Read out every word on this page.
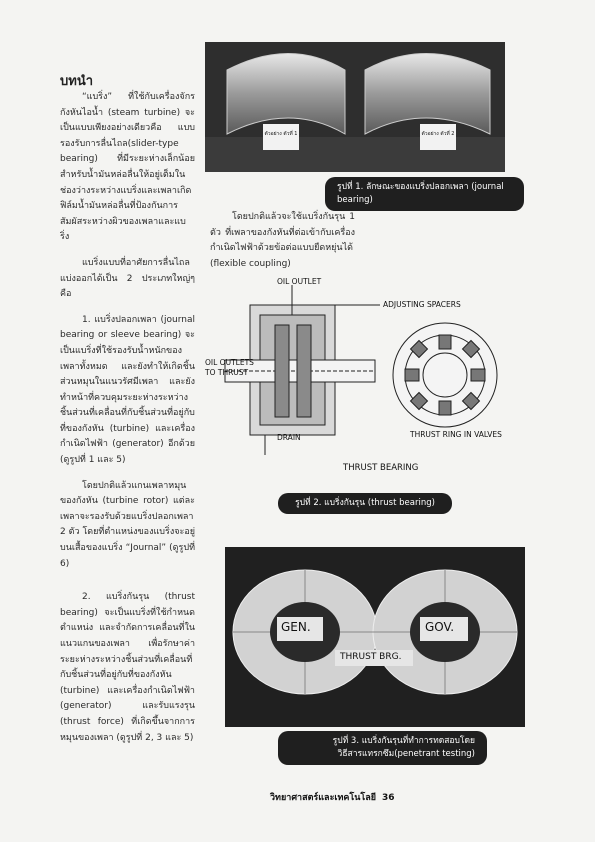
บทนำ

“แบริ่ง” ที่ใช้กับเครื่องจักรกังหันไอน้ำ (steam turbine) จะเป็นแบบเพียงอย่างเดียวคือ แบบรองรับการลื่นไถล(slider-type bearing) ที่มีระยะห่างเล็กน้อยสำหรับน้ำมันหล่อลื่นให้อยู่เต็มในช่องว่างระหว่างแบริ่งและเพลาเกิดฟิล์มน้ำมันหล่อลื่นที่ป้องกันการสัมผัสระหว่างผิวของเพลาและแบริ่ง

แบริ่งแบบที่อาศัยการลื่นไถลแบ่งออกได้เป็น 2 ประเภทใหญ่ๆ คือ

1. แบริ่งปลอกเพลา (journal bearing or sleeve bearing) จะเป็นแบริ่งที่ใช้รองรับน้ำหนักของเพลาทั้งหมด และยังทำให้เกิดชิ้นส่วนหมุนในแนวรัศมีเพลา และยังทำหน้าที่ควบคุมระยะห่างระหว่างชิ้นส่วนที่เคลื่อนที่กับชิ้นส่วนที่อยู่กับที่ของกังหัน (turbine) และเครื่องกำเนิดไฟฟ้า (generator) อีกด้วย (ดูรูปที่ 1 และ 5)

โดยปกติแล้วแกนเพลาหมุนของกังหัน (turbine rotor) แต่ละเพลาจะรองรับด้วยแบริ่งปลอกเพลา 2 ตัว โดยที่ตำแหน่งของแบริ่งจะอยู่บนเสื้อของแบริ่ง “Journal” (ดูรูปที่ 6)

2. แบริ่งกันรุน (thrust bearing) จะเป็นแบริ่งที่ใช้กำหนดตำแหน่ง และจำกัดการเคลื่อนที่ในแนวแกนของเพลา เพื่อรักษาค่าระยะห่างระหว่างชิ้นส่วนที่เคลื่อนที่กับชิ้นส่วนที่อยู่กับที่ของกังหัน (turbine) และเครื่องกำเนิดไฟฟ้า (generator) และรับแรงรุน (thrust force) ที่เกิดขึ้นจากการหมุนของเพลา (ดูรูปที่ 2, 3 และ 5)

ตัวอย่าง ตัวที่ 1	ตัวอย่าง ตัวที่ 2
รูปที่ 1. ลักษณะของแบริ่งปลอกเพลา (journal bearing)

โดยปกติแล้วจะใช้แบริ่งกันรุน 1 ตัว ที่เพลาของกังหันที่ต่อเข้ากับเครื่องกำเนิดไฟฟ้าด้วยข้อต่อแบบยืดหยุ่นได้ (flexible coupling)

OIL OUTLET
ADJUSTING SPACERS
OIL OUTLETS
TO THRUST
DRAIN	THRUST RING IN VALVES
THRUST BEARING
รูปที่ 2. แบริ่งกันรุน (thrust bearing)
GEN.	GOV.
THRUST BRG.
รูปที่ 3. แบริ่งกันรุนที่ทำการทดสอบโดย
วิธีสารแทรกซึม(penetrant testing)
วิทยาศาสตร์และเทคโนโลยี 36
